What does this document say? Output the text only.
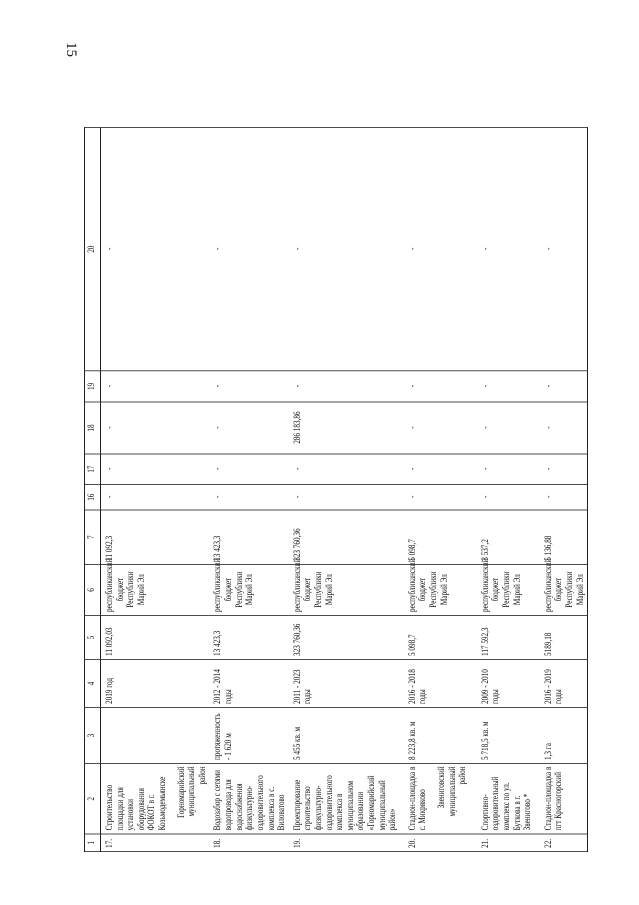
15
1	2	3	4	5	6	7	16	17	18	19	20
17.	Строительство площадки для установки оборудования ФОКОТ в г. Козьмодемьянске Горномарийский муниципальный район		2019 год	11 092,03	республиканский бюджет Республики Марий Эл	11 092,3	-	-	-	-	-
18.	Водозабор с сетями водопровода для водоснабжения физкультурно-оздоровительного комплекса в с. Виловатово	протяженность - 1 620 м	2012 - 2014 годы	13 423,3	республиканский бюджет Республики Марий Эл	13 423,3	-	-	-	-	-
19.	Проектирование строительство физкультурно-оздоровительного комплекса в муниципальном образовании «Горномарийский муниципальный район»	5 455 кв. м	2011 - 2023 годы	323 760,36	республиканский бюджет Республики Марий Эл	323 760,36	-	-	286 183,86	-	-
20.	Стадион-площадка в с. Микряково
Звениговский муниципальный район	8 223,8 кв. м	2016 - 2018 годы	5 098,7	республиканский бюджет Республики Марий Эл	5 098,7	-	-	-	-	-
21.	Спортивно-оздоровительный комплекс по ул. Буткова в г. Звенигово *	5 718,5 кв. м	2009 - 2010 годы	117 592,3	республиканский бюджет Республики Марий Эл	3 537,2	-	-	-	-	-
22.	Стадион-площадка в пгт Красногорский	1,3 га	2016 - 2019 годы	5189,18	республиканский бюджет Республики Марий Эл	5 136,88	-	-	-	-	-
